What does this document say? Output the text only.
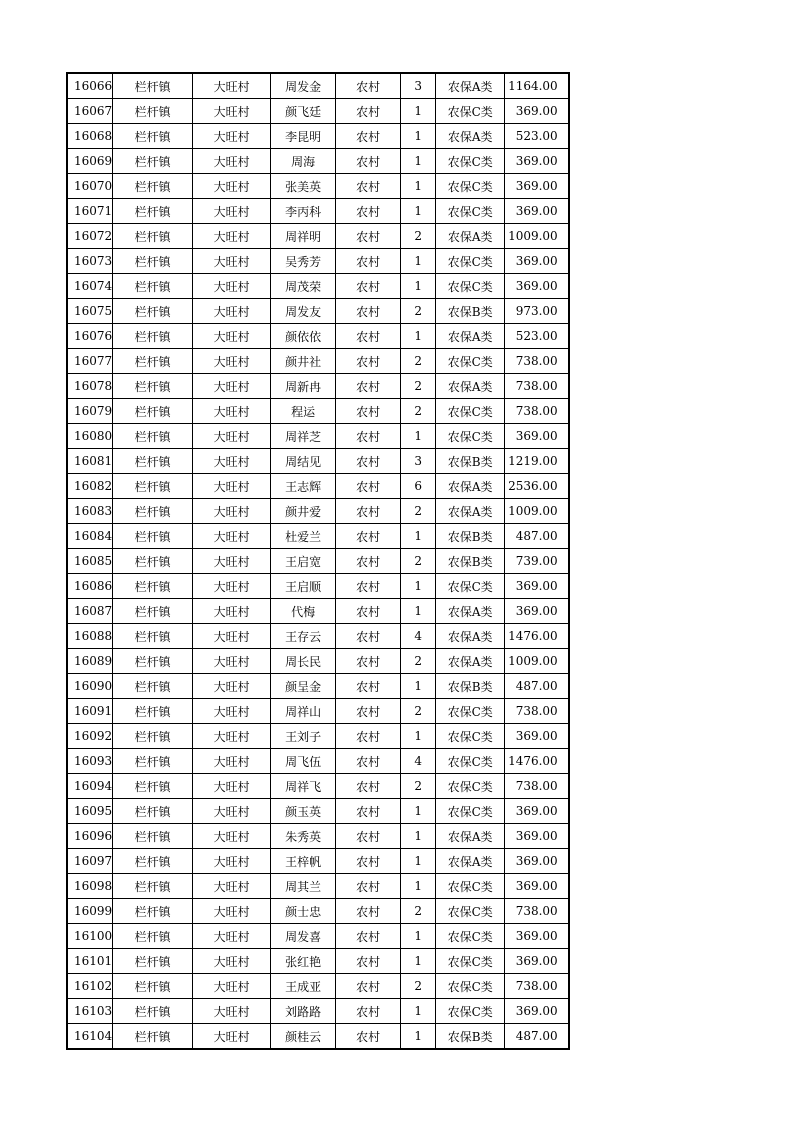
16066	栏杆镇	大旺村	周发金	农村	3	农保A类	1164.00
16067	栏杆镇	大旺村	颜飞廷	农村	1	农保C类	369.00
16068	栏杆镇	大旺村	李昆明	农村	1	农保A类	523.00
16069	栏杆镇	大旺村	周海	农村	1	农保C类	369.00
16070	栏杆镇	大旺村	张美英	农村	1	农保C类	369.00
16071	栏杆镇	大旺村	李丙科	农村	1	农保C类	369.00
16072	栏杆镇	大旺村	周祥明	农村	2	农保A类	1009.00
16073	栏杆镇	大旺村	吴秀芳	农村	1	农保C类	369.00
16074	栏杆镇	大旺村	周茂荣	农村	1	农保C类	369.00
16075	栏杆镇	大旺村	周发友	农村	2	农保B类	973.00
16076	栏杆镇	大旺村	颜依依	农村	1	农保A类	523.00
16077	栏杆镇	大旺村	颜井社	农村	2	农保C类	738.00
16078	栏杆镇	大旺村	周新冉	农村	2	农保A类	738.00
16079	栏杆镇	大旺村	程运	农村	2	农保C类	738.00
16080	栏杆镇	大旺村	周祥芝	农村	1	农保C类	369.00
16081	栏杆镇	大旺村	周结见	农村	3	农保B类	1219.00
16082	栏杆镇	大旺村	王志辉	农村	6	农保A类	2536.00
16083	栏杆镇	大旺村	颜井爱	农村	2	农保A类	1009.00
16084	栏杆镇	大旺村	杜爱兰	农村	1	农保B类	487.00
16085	栏杆镇	大旺村	王启宽	农村	2	农保B类	739.00
16086	栏杆镇	大旺村	王启顺	农村	1	农保C类	369.00
16087	栏杆镇	大旺村	代梅	农村	1	农保A类	369.00
16088	栏杆镇	大旺村	王存云	农村	4	农保A类	1476.00
16089	栏杆镇	大旺村	周长民	农村	2	农保A类	1009.00
16090	栏杆镇	大旺村	颜呈金	农村	1	农保B类	487.00
16091	栏杆镇	大旺村	周祥山	农村	2	农保C类	738.00
16092	栏杆镇	大旺村	王刘子	农村	1	农保C类	369.00
16093	栏杆镇	大旺村	周飞伍	农村	4	农保C类	1476.00
16094	栏杆镇	大旺村	周祥飞	农村	2	农保C类	738.00
16095	栏杆镇	大旺村	颜玉英	农村	1	农保C类	369.00
16096	栏杆镇	大旺村	朱秀英	农村	1	农保A类	369.00
16097	栏杆镇	大旺村	王梓帆	农村	1	农保A类	369.00
16098	栏杆镇	大旺村	周其兰	农村	1	农保C类	369.00
16099	栏杆镇	大旺村	颜士忠	农村	2	农保C类	738.00
16100	栏杆镇	大旺村	周发喜	农村	1	农保C类	369.00
16101	栏杆镇	大旺村	张红艳	农村	1	农保C类	369.00
16102	栏杆镇	大旺村	王成亚	农村	2	农保C类	738.00
16103	栏杆镇	大旺村	刘路路	农村	1	农保C类	369.00
16104	栏杆镇	大旺村	颜桂云	农村	1	农保B类	487.00
